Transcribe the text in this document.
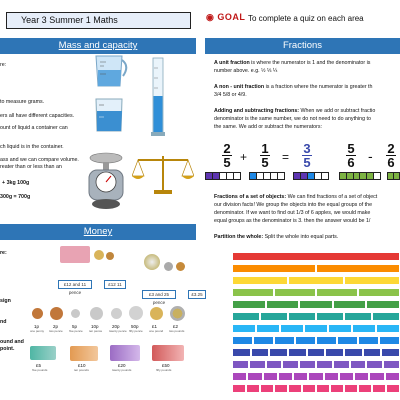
Year 3 Summer 1 Maths	◉ GOAL To complete a quiz on each area
Mass and capacity
re:
to measure grams.
ers all have different capacities.
ount of liquid a container can
ch liquid is in the container.
ass and we can compare volume.
reater than or less than an
+ 3kg 100g
300g = 700g
Money
re:
sign
nd
ound and
point.
£12 and 11 pence
£12 11
£3 and 25 pence
£3.25
1p	2p	5p	10p	20p	50p	£1	£2
one penny two pence five pence ten pence twenty pence fifty pence one pound two pounds
£5	£10	£20	£50
five pounds	ten pounds	twenty pounds	fifty pounds
Fractions
A unit fraction is where the numerator is 1 and the denominator is
number above. e.g. ½ ⅓ ¼
A non - unit fraction is a fraction where the numerator is greater th
3/4 5/8 or 4/9.
Adding and subtracting fractions: When we add or subtract fractio
denominator is the same number, we do not need to do anything to
the same. We add or subtract the numerators:
2
5 +
1
5 =
3
5
5
6 - 2
6
Fractions of a set of objects: We can find fractions of a set of object
our division facts! We group the objects into the equal groups of the
denominator. If we want to find out 1/3 of 6 apples, we would make
equal groups as the denominator is 3. then the answer would be 1/
Partition the whole: Split the whole into equal parts.
